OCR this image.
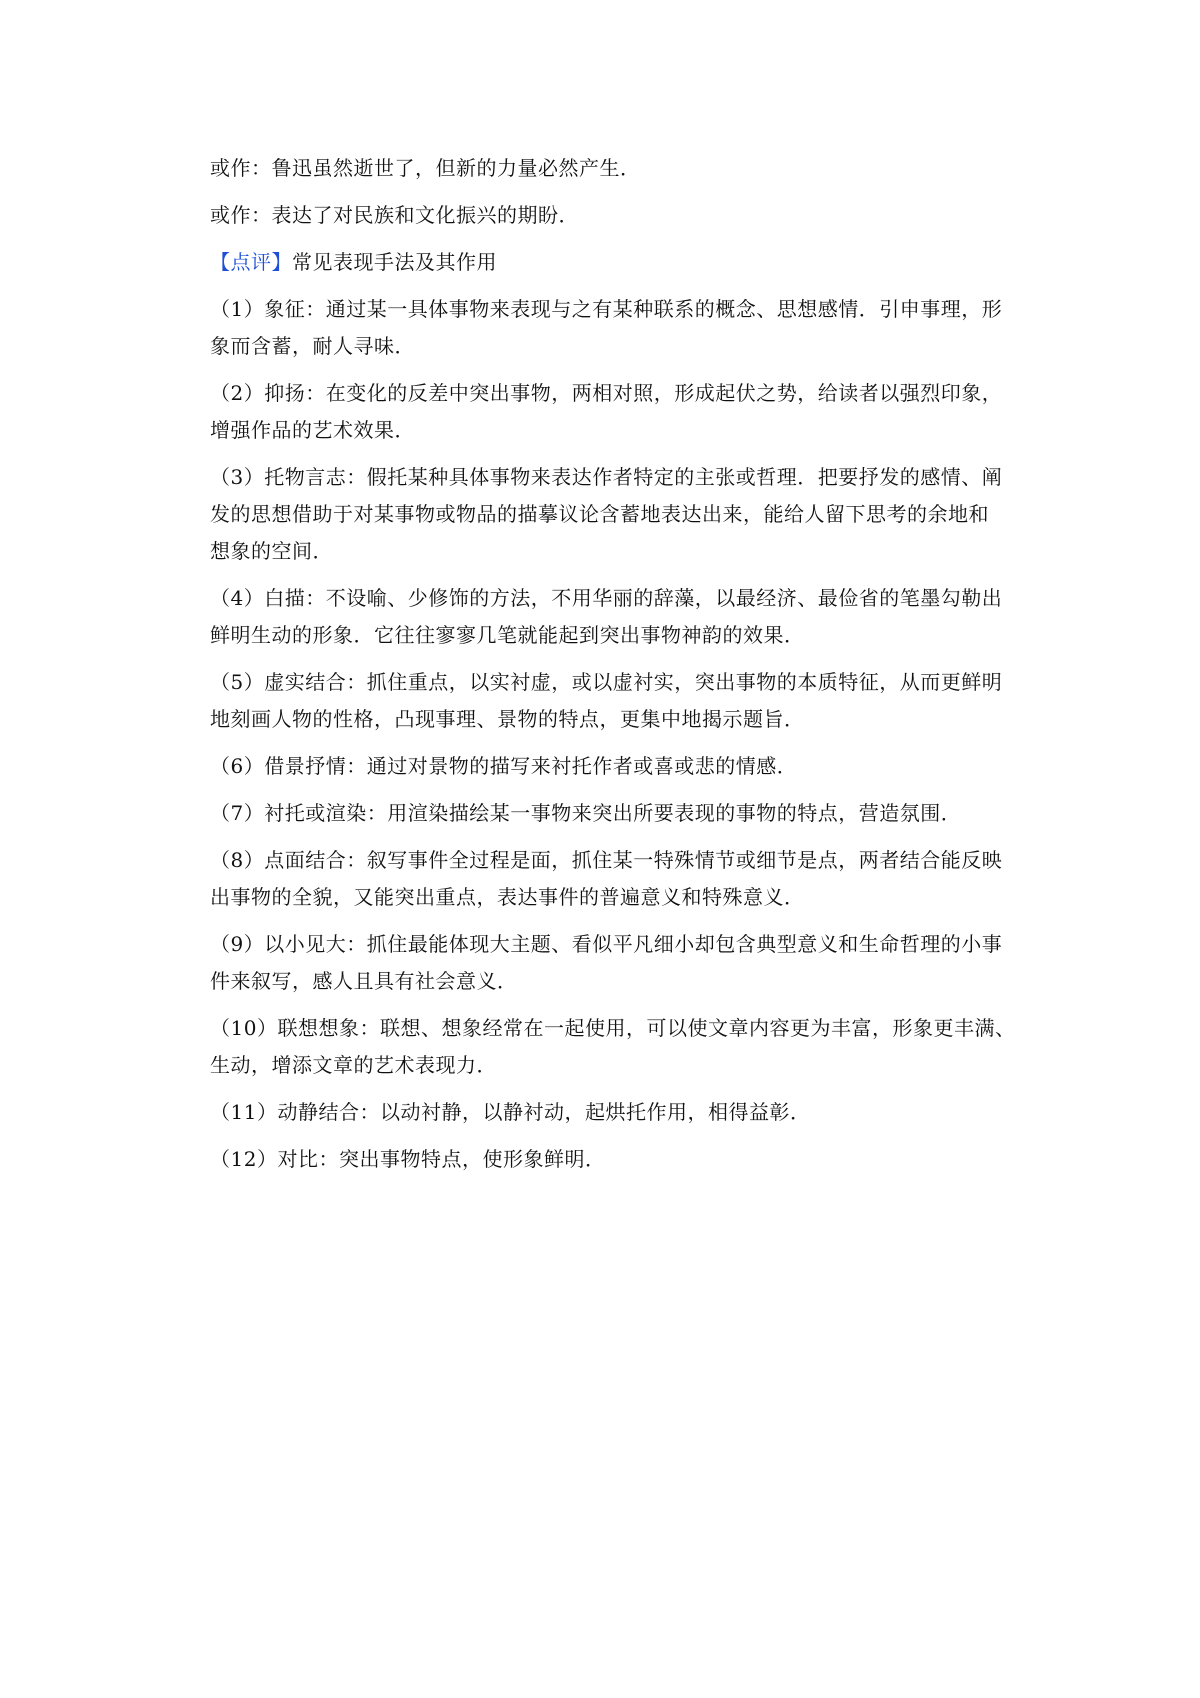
或作：鲁迅虽然逝世了，但新的力量必然产生．
或作：表达了对民族和文化振兴的期盼．
【点评】常见表现手法及其作用
（1）象征：通过某一具体事物来表现与之有某种联系的概念、思想感情．引申事理，形
象而含蓄，耐人寻味．
（2）抑扬：在变化的反差中突出事物，两相对照，形成起伏之势，给读者以强烈印象，
增强作品的艺术效果．
（3）托物言志：假托某种具体事物来表达作者特定的主张或哲理．把要抒发的感情、阐
发的思想借助于对某事物或物品的描摹议论含蓄地表达出来，能给人留下思考的余地和
想象的空间．
（4）白描：不设喻、少修饰的方法，不用华丽的辞藻，以最经济、最俭省的笔墨勾勒出
鲜明生动的形象．它往往寥寥几笔就能起到突出事物神韵的效果．
（5）虚实结合：抓住重点，以实衬虚，或以虚衬实，突出事物的本质特征，从而更鲜明
地刻画人物的性格，凸现事理、景物的特点，更集中地揭示题旨．
（6）借景抒情：通过对景物的描写来衬托作者或喜或悲的情感．
（7）衬托或渲染：用渲染描绘某一事物来突出所要表现的事物的特点，营造氛围．
（8）点面结合：叙写事件全过程是面，抓住某一特殊情节或细节是点，两者结合能反映
出事物的全貌，又能突出重点，表达事件的普遍意义和特殊意义．
（9）以小见大：抓住最能体现大主题、看似平凡细小却包含典型意义和生命哲理的小事
件来叙写，感人且具有社会意义．
（10）联想想象：联想、想象经常在一起使用，可以使文章内容更为丰富，形象更丰满、
生动，增添文章的艺术表现力．
（11）动静结合：以动衬静，以静衬动，起烘托作用，相得益彰．
（12）对比：突出事物特点，使形象鲜明．
